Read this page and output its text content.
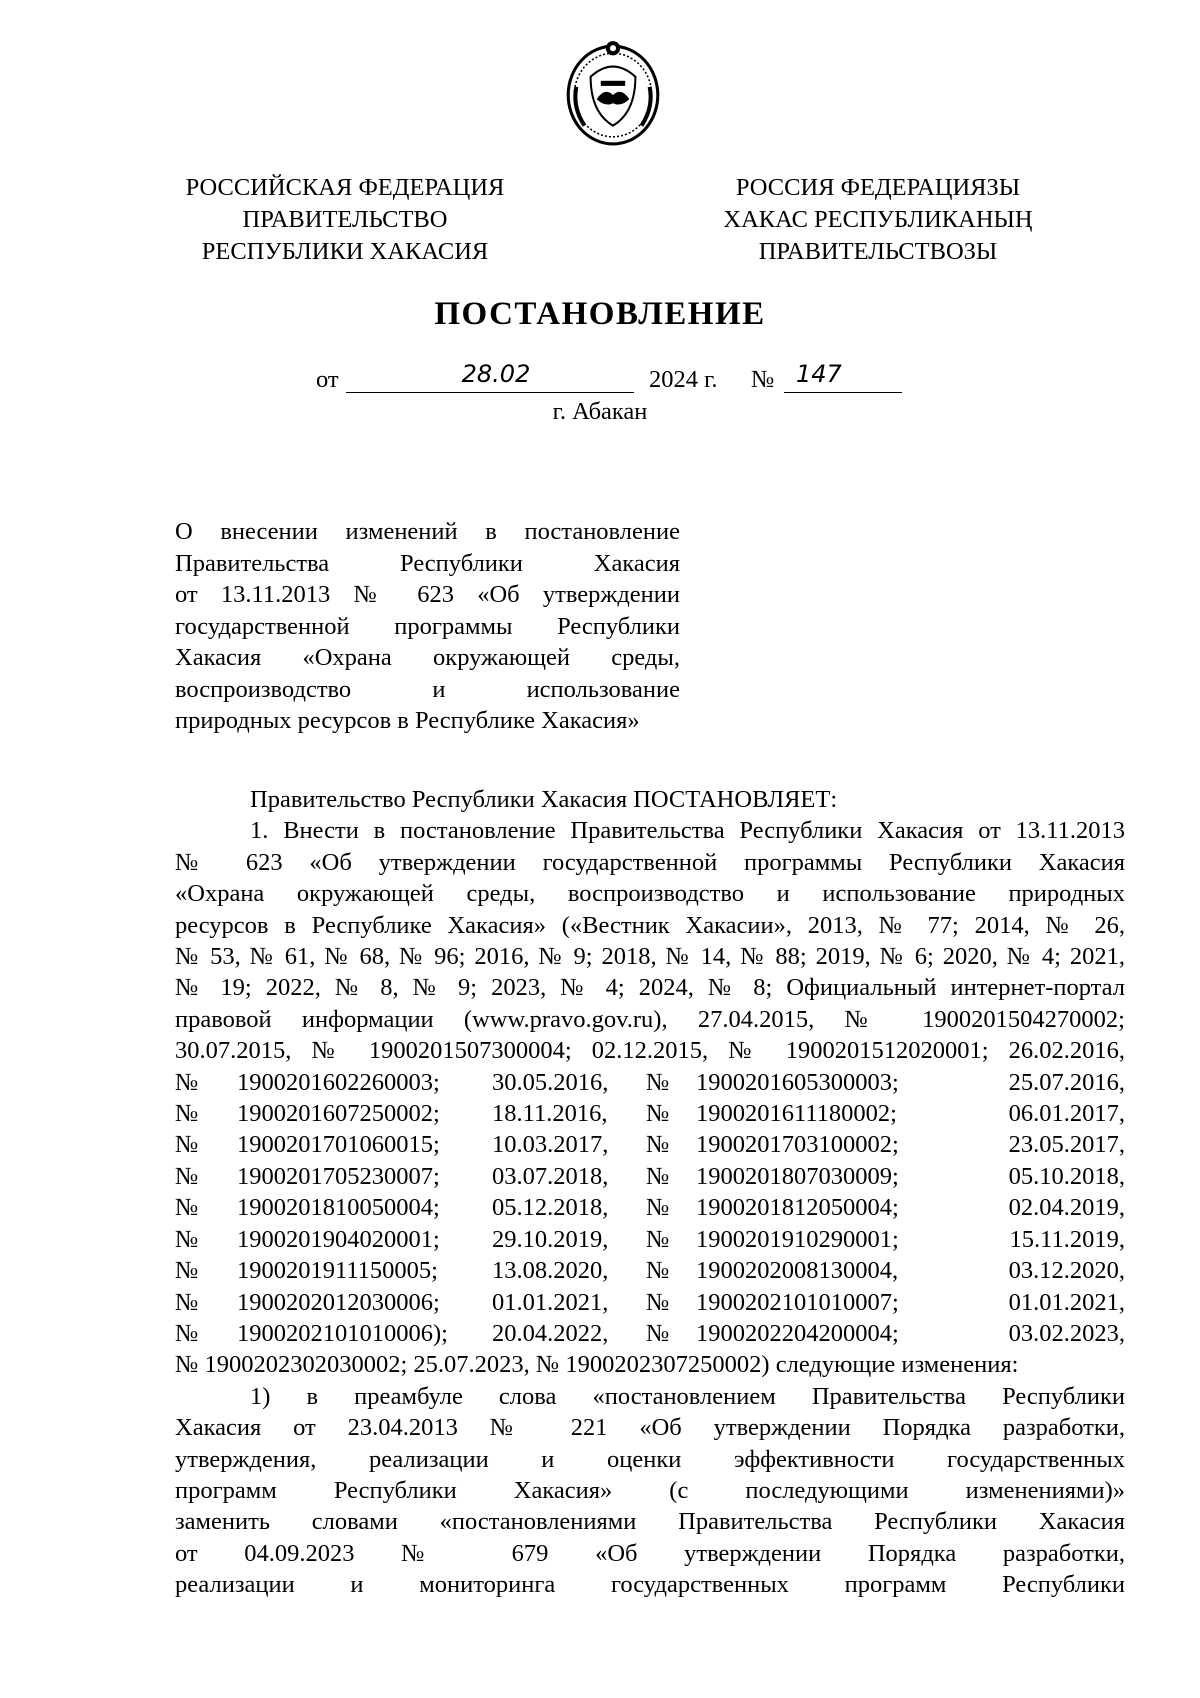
РОССИЙСКАЯ ФЕДЕРАЦИЯ
ПРАВИТЕЛЬСТВО
РЕСПУБЛИКИ ХАКАСИЯ
РОССИЯ ФЕДЕРАЦИЯЗЫ
ХАКАС РЕСПУБЛИКАНЫҢ
ПРАВИТЕЛЬСТВОЗЫ
ПОСТАНОВЛЕНИЕ
от	28.02	2024 г. № 147
г. Абакан
О внесении изменений в постановление
Правительства Республики Хакасия
от 13.11.2013 № 623 «Об утверждении
государственной программы Республики
Хакасия «Охрана окружающей среды,
воспроизводство и использование
природных ресурсов в Республике Хакасия»
Правительство Республики Хакасия ПОСТАНОВЛЯЕТ:
1. Внести в постановление Правительства Республики Хакасия от 13.11.2013
№ 623 «Об утверждении государственной программы Республики Хакасия
«Охрана окружающей среды, воспроизводство и использование природных
ресурсов в Республике Хакасия» («Вестник Хакасии», 2013, № 77; 2014, № 26,
№ 53, № 61, № 68, № 96; 2016, № 9; 2018, № 14, № 88; 2019, № 6; 2020, № 4; 2021,
№ 19; 2022, № 8, № 9; 2023, № 4; 2024, № 8; Официальный интернет-портал
правовой информации (www.pravo.gov.ru), 27.04.2015, № 1900201504270002;
30.07.2015, № 1900201507300004; 02.12.2015, № 1900201512020001; 26.02.2016,
№	1900201602260003;	30.05.2016,	№	1900201605300003;	25.07.2016,
№	1900201607250002;	18.11.2016,	№	1900201611180002;	06.01.2017,
№	1900201701060015;	10.03.2017,	№	1900201703100002;	23.05.2017,
№	1900201705230007;	03.07.2018,	№	1900201807030009;	05.10.2018,
№	1900201810050004;	05.12.2018,	№	1900201812050004;	02.04.2019,
№	1900201904020001;	29.10.2019,	№	1900201910290001;	15.11.2019,
№	1900201911150005;	13.08.2020,	№	1900202008130004,	03.12.2020,
№	1900202012030006;	01.01.2021,	№	1900202101010007;	01.01.2021,
№	1900202101010006);	20.04.2022,	№	1900202204200004;	03.02.2023,
№ 1900202302030002; 25.07.2023, № 1900202307250002) следующие изменения:
1) в преамбуле слова «постановлением Правительства Республики
Хакасия от 23.04.2013 № 221 «Об утверждении Порядка разработки,
утверждения, реализации и оценки эффективности государственных
программ Республики Хакасия» (с последующими изменениями)»
заменить словами «постановлениями Правительства Республики Хакасия
от 04.09.2023 № 679 «Об утверждении Порядка разработки,
реализации и мониторинга государственных программ Республики
